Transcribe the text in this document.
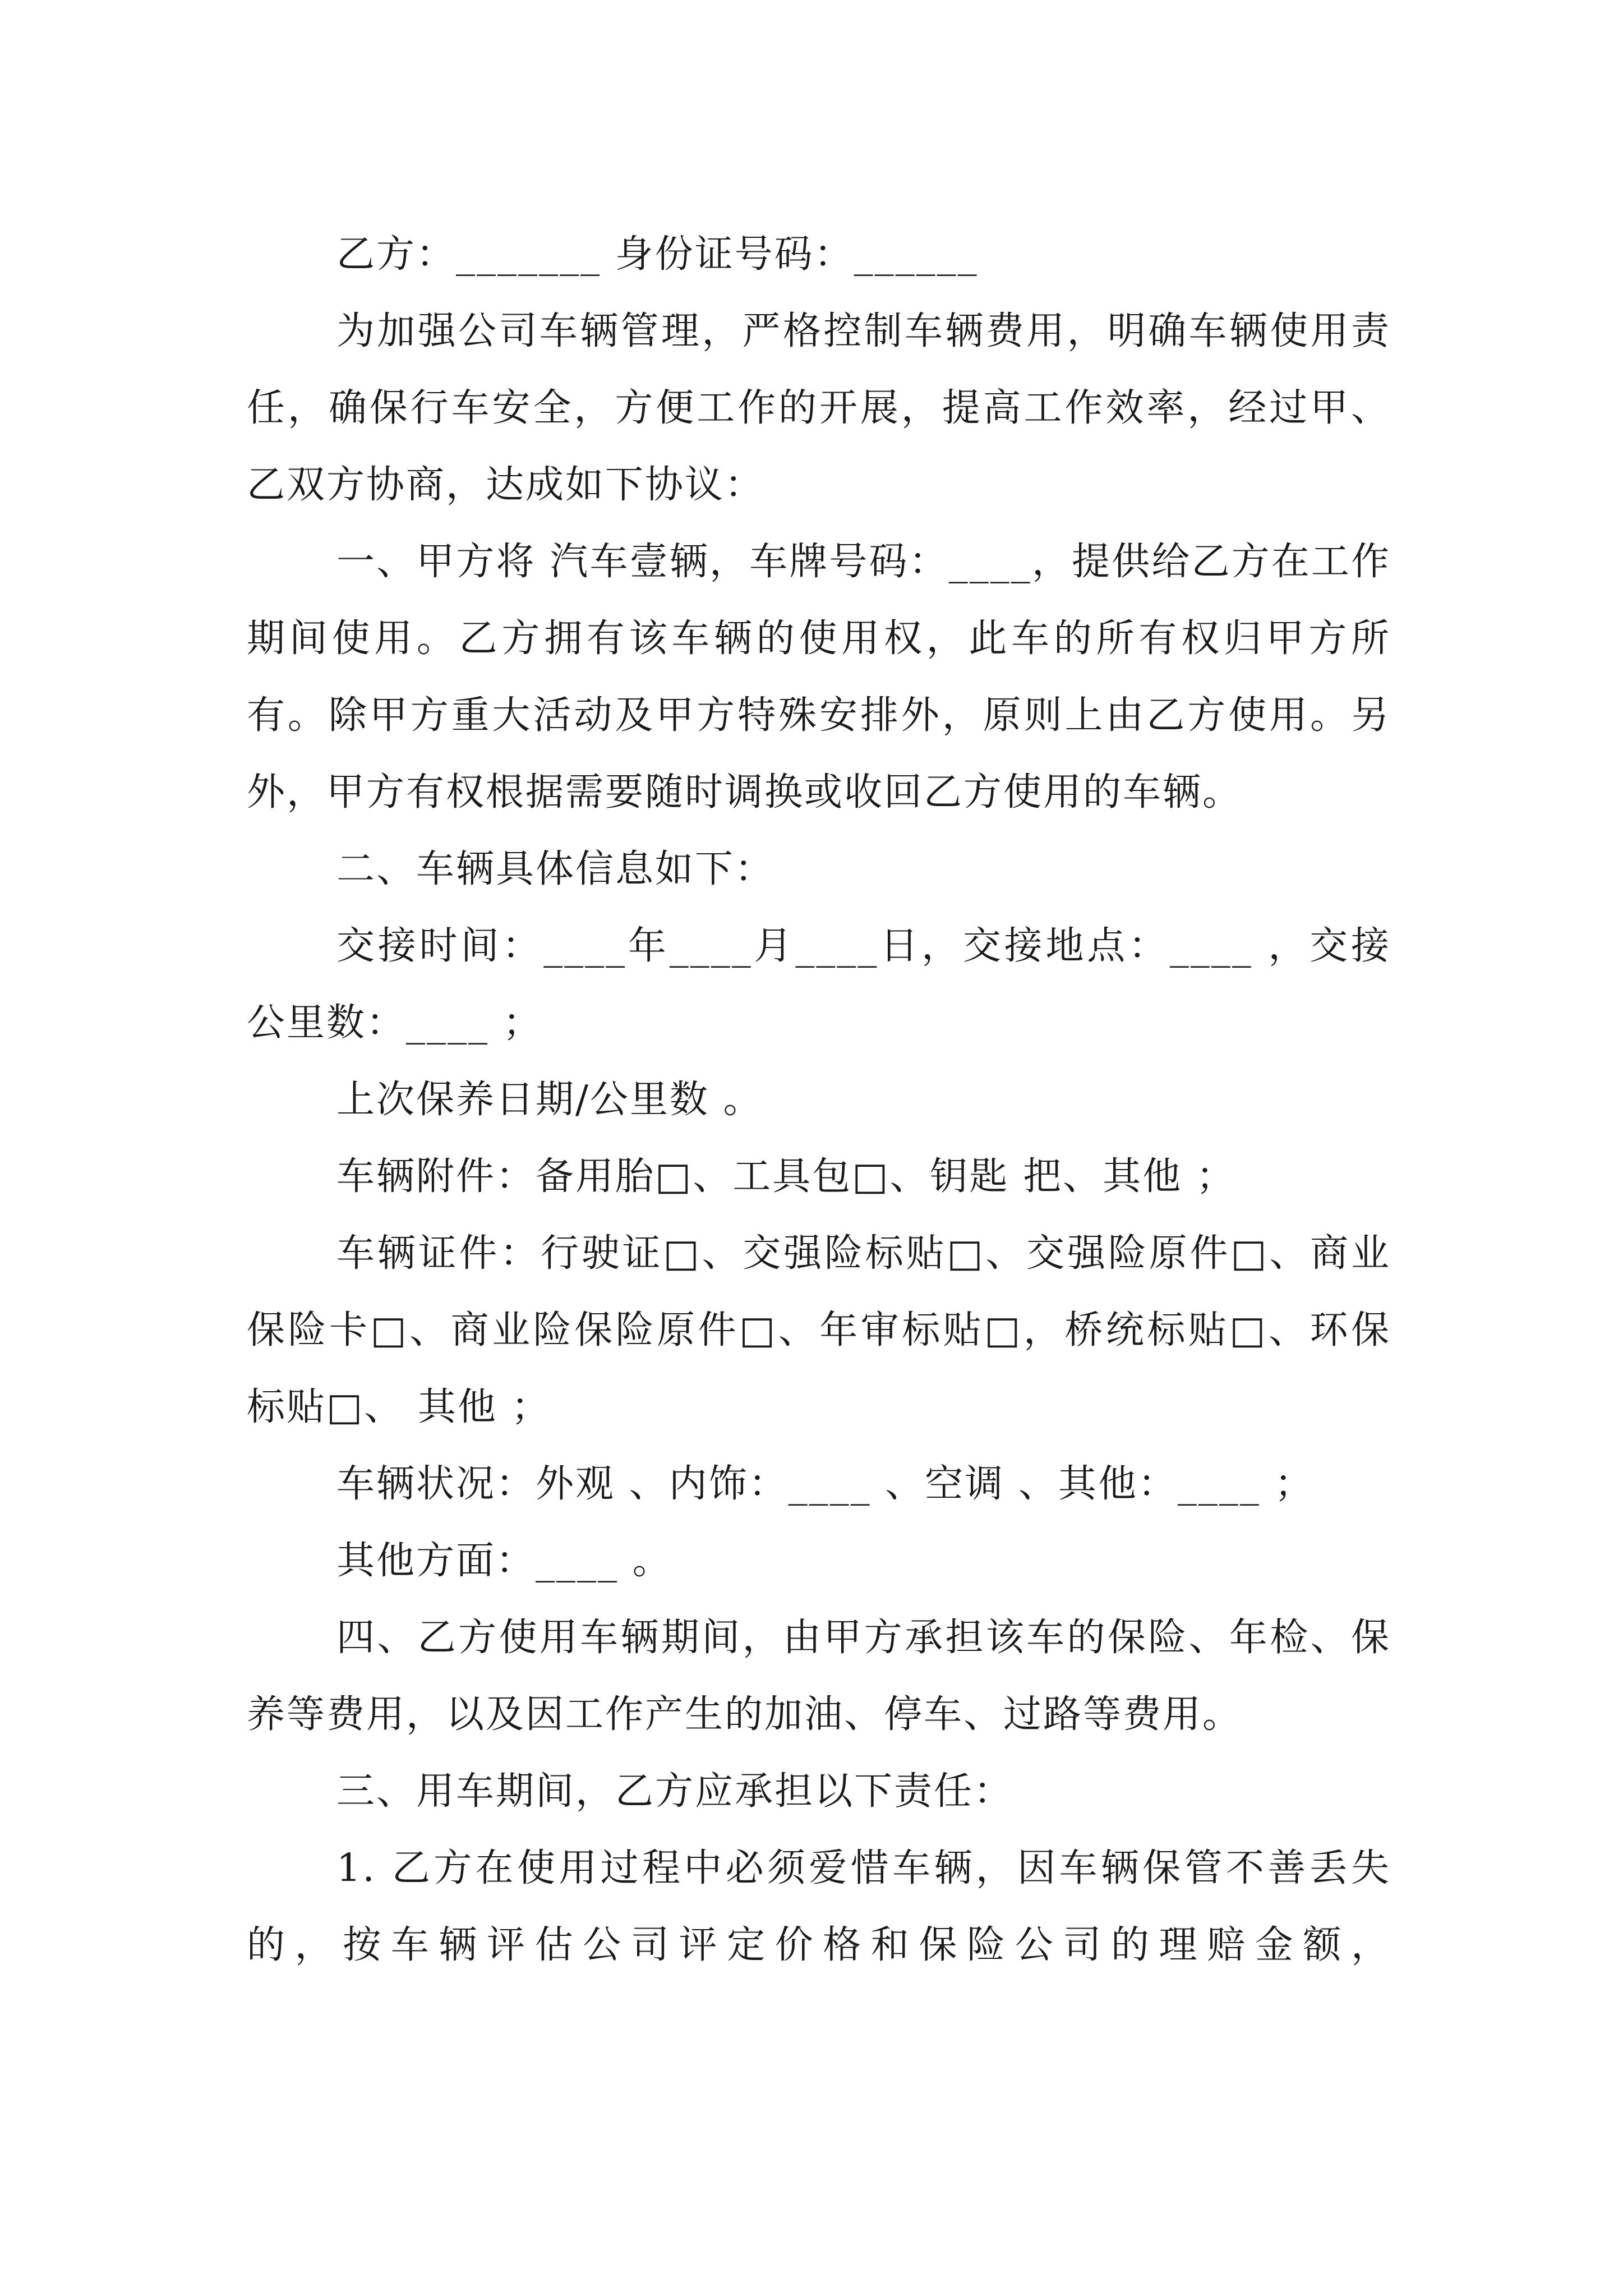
乙方：_______ 身份证号码：______

为加强公司车辆管理，严格控制车辆费用，明确车辆使用责任，确保行车安全，方便工作的开展，提高工作效率，经过甲、乙双方协商，达成如下协议：

一、甲方将 汽车壹辆，车牌号码：____，提供给乙方在工作期间使用。乙方拥有该车辆的使用权，此车的所有权归甲方所有。除甲方重大活动及甲方特殊安排外，原则上由乙方使用。另外，甲方有权根据需要随时调换或收回乙方使用的车辆。

二、车辆具体信息如下：

交接时间：____年____月____日，交接地点：____ ，交接公里数：____ ；

上次保养日期/公里数 。

车辆附件：备用胎□、工具包□、钥匙 把、其他 ；

车辆证件：行驶证□、交强险标贴□、交强险原件□、商业保险卡□、商业险保险原件□、年审标贴□，桥统标贴□、环保标贴□、 其他 ；

车辆状况：外观 、内饰：____ 、空调 、其他：____ ；

其他方面：____ 。

四、乙方使用车辆期间，由甲方承担该车的保险、年检、保养等费用，以及因工作产生的加油、停车、过路等费用。

三、用车期间，乙方应承担以下责任：

1. 乙方在使用过程中必须爱惜车辆，因车辆保管不善丢失的，按车辆评估公司评定价格和保险公司的理赔金额，
